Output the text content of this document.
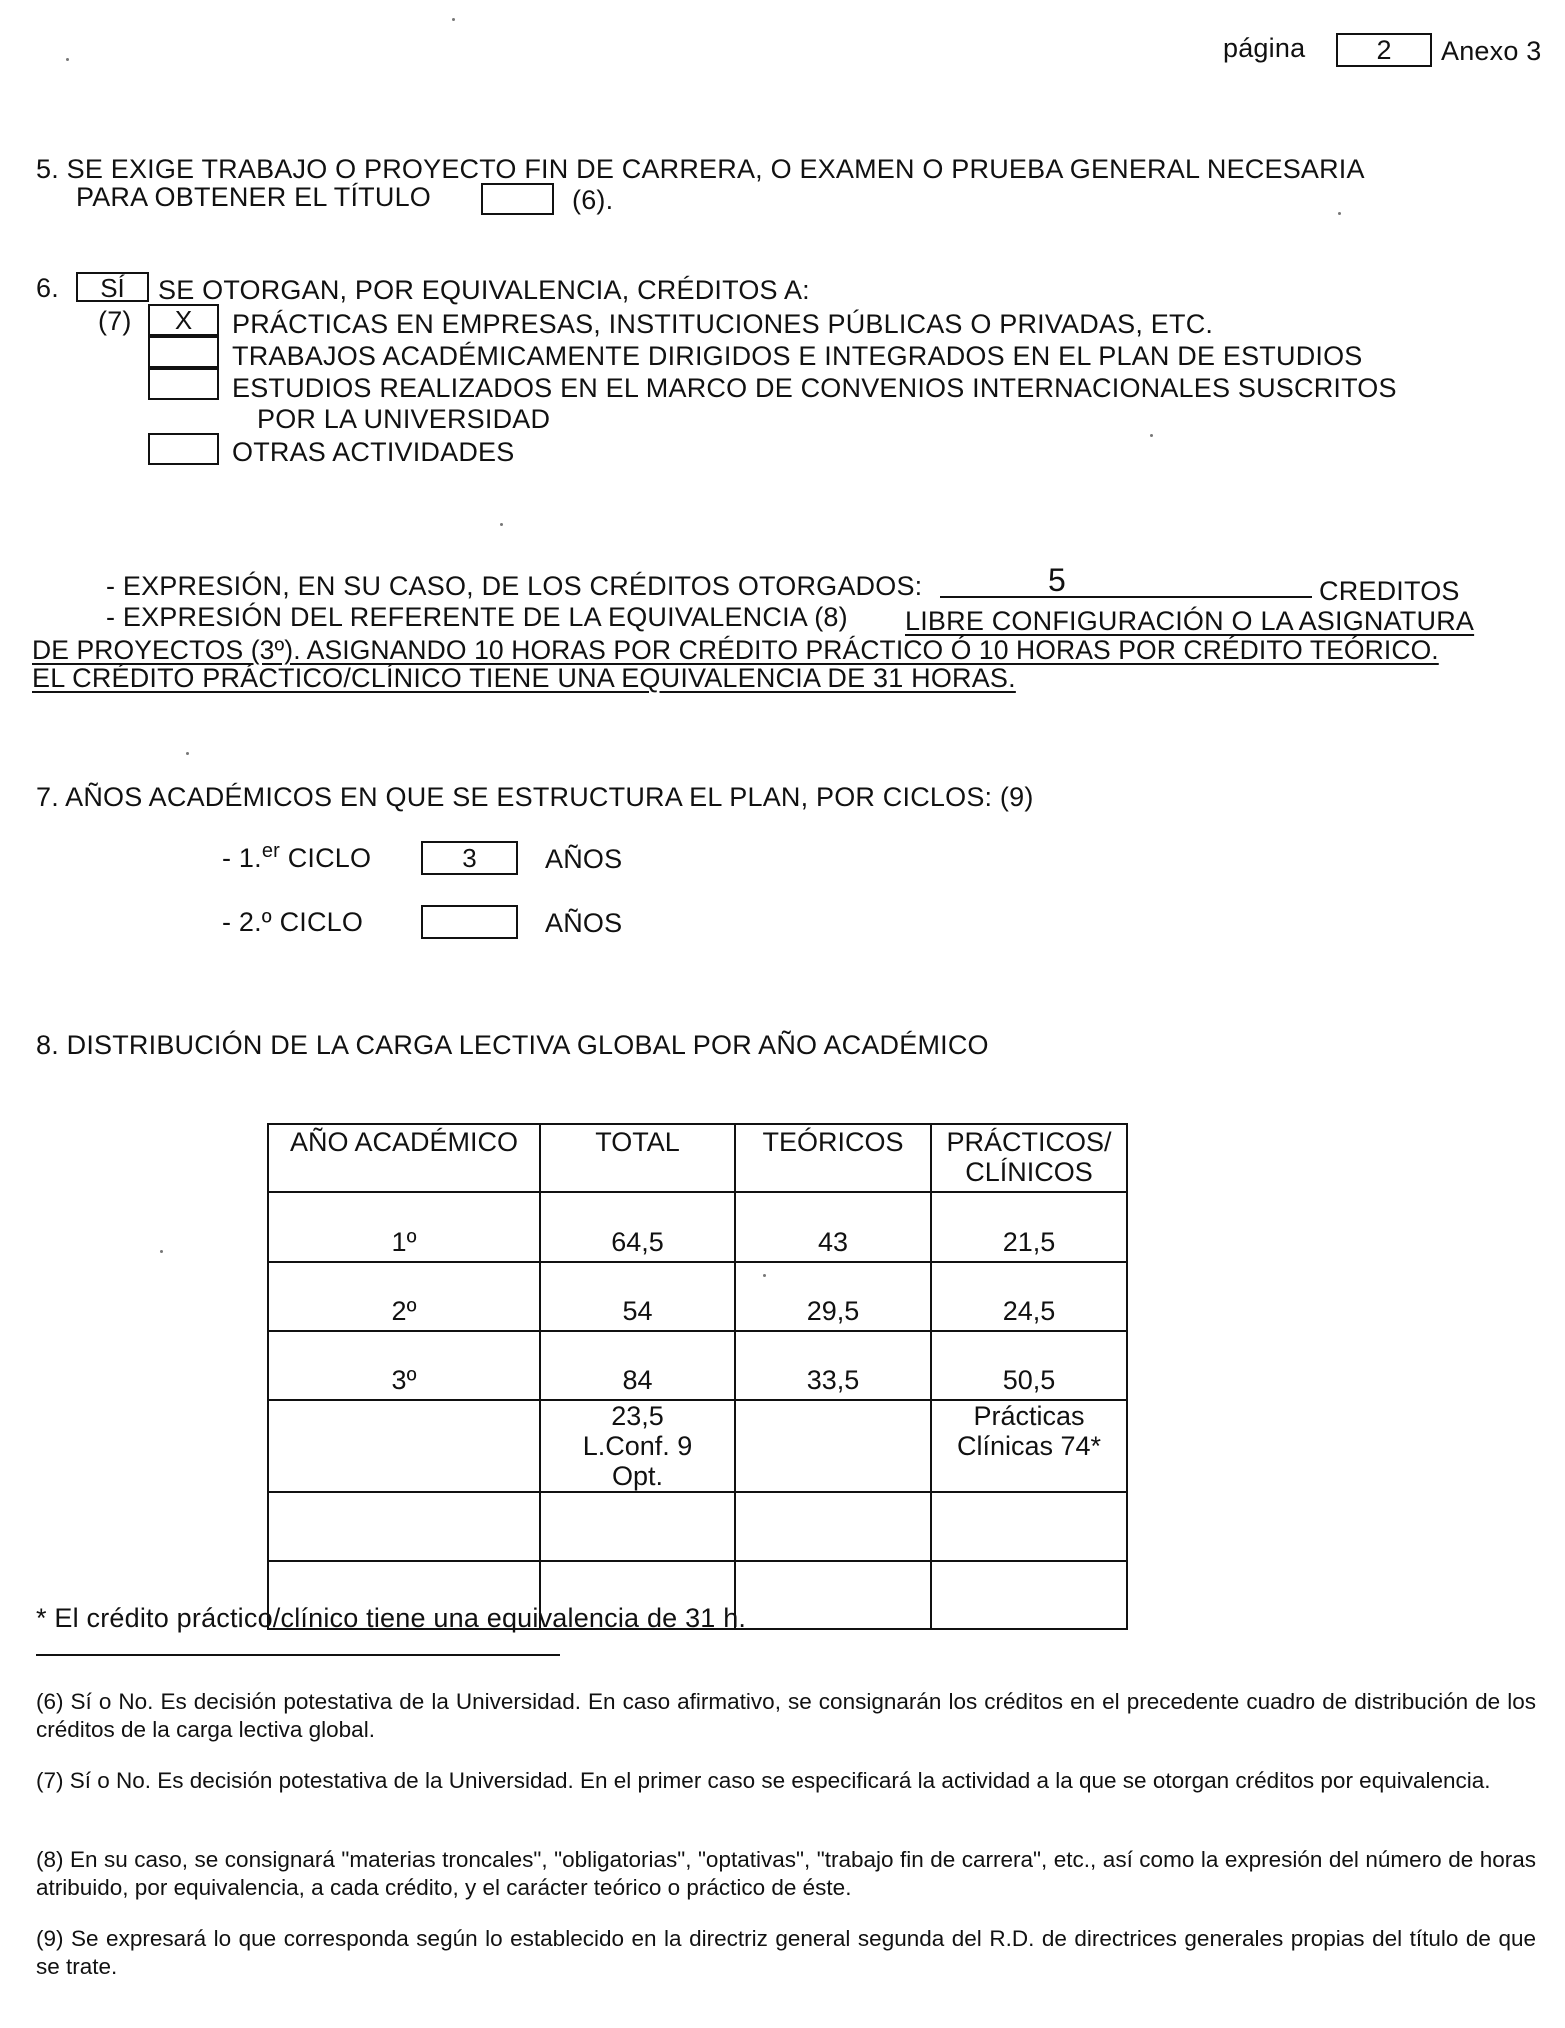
página	2	Anexo 3
5. SE EXIGE TRABAJO O PROYECTO FIN DE CARRERA, O EXAMEN O PRUEBA GENERAL NECESARIA
PARA OBTENER EL TÍTULO	(6).
6.	SÍ	SE OTORGAN, POR EQUIVALENCIA, CRÉDITOS A:
(7)	X	PRÁCTICAS EN EMPRESAS, INSTITUCIONES PÚBLICAS O PRIVADAS, ETC.
TRABAJOS ACADÉMICAMENTE DIRIGIDOS E INTEGRADOS EN EL PLAN DE ESTUDIOS
ESTUDIOS REALIZADOS EN EL MARCO DE CONVENIOS INTERNACIONALES SUSCRITOS
POR LA UNIVERSIDAD
OTRAS ACTIVIDADES
- EXPRESIÓN, EN SU CASO, DE LOS CRÉDITOS OTORGADOS:	5	CREDITOS
- EXPRESIÓN DEL REFERENTE DE LA EQUIVALENCIA (8) LIBRE CONFIGURACIÓN O LA ASIGNATURA
DE PROYECTOS (3º). ASIGNANDO 10 HORAS POR CRÉDITO PRÁCTICO Ó 10 HORAS POR CRÉDITO TEÓRICO.
EL CRÉDITO PRÁCTICO/CLÍNICO TIENE UNA EQUIVALENCIA DE 31 HORAS.
7. AÑOS ACADÉMICOS EN QUE SE ESTRUCTURA EL PLAN, POR CICLOS: (9)
- 1.$^{er}$ CICLO	3	AÑOS
- 2.º CICLO	AÑOS
8. DISTRIBUCIÓN DE LA CARGA LECTIVA GLOBAL POR AÑO ACADÉMICO
AÑO ACADÉMICO	TOTAL	TEÓRICOS	PRÁCTICOS/ CLÍNICOS
1º	64,5	43	21,5
2º	54	29,5	24,5
3º	84	33,5	50,5
	23,5 L.Conf. 9 Opt.		Prácticas Clínicas 74*

* El crédito práctico/clínico tiene una equivalencia de 31 h.
(6) Sí o No. Es decisión potestativa de la Universidad. En caso afirmativo, se consignarán los créditos en el precedente cuadro de distribución de los créditos de la carga lectiva global.
(7) Sí o No. Es decisión potestativa de la Universidad. En el primer caso se especificará la actividad a la que se otorgan créditos por equivalencia.
(8) En su caso, se consignará "materias troncales", "obligatorias", "optativas", "trabajo fin de carrera", etc., así como la expresión del número de horas atribuido, por equivalencia, a cada crédito, y el carácter teórico o práctico de éste.
(9) Se expresará lo que corresponda según lo establecido en la directriz general segunda del R.D. de directrices generales propias del título de que se trate.
